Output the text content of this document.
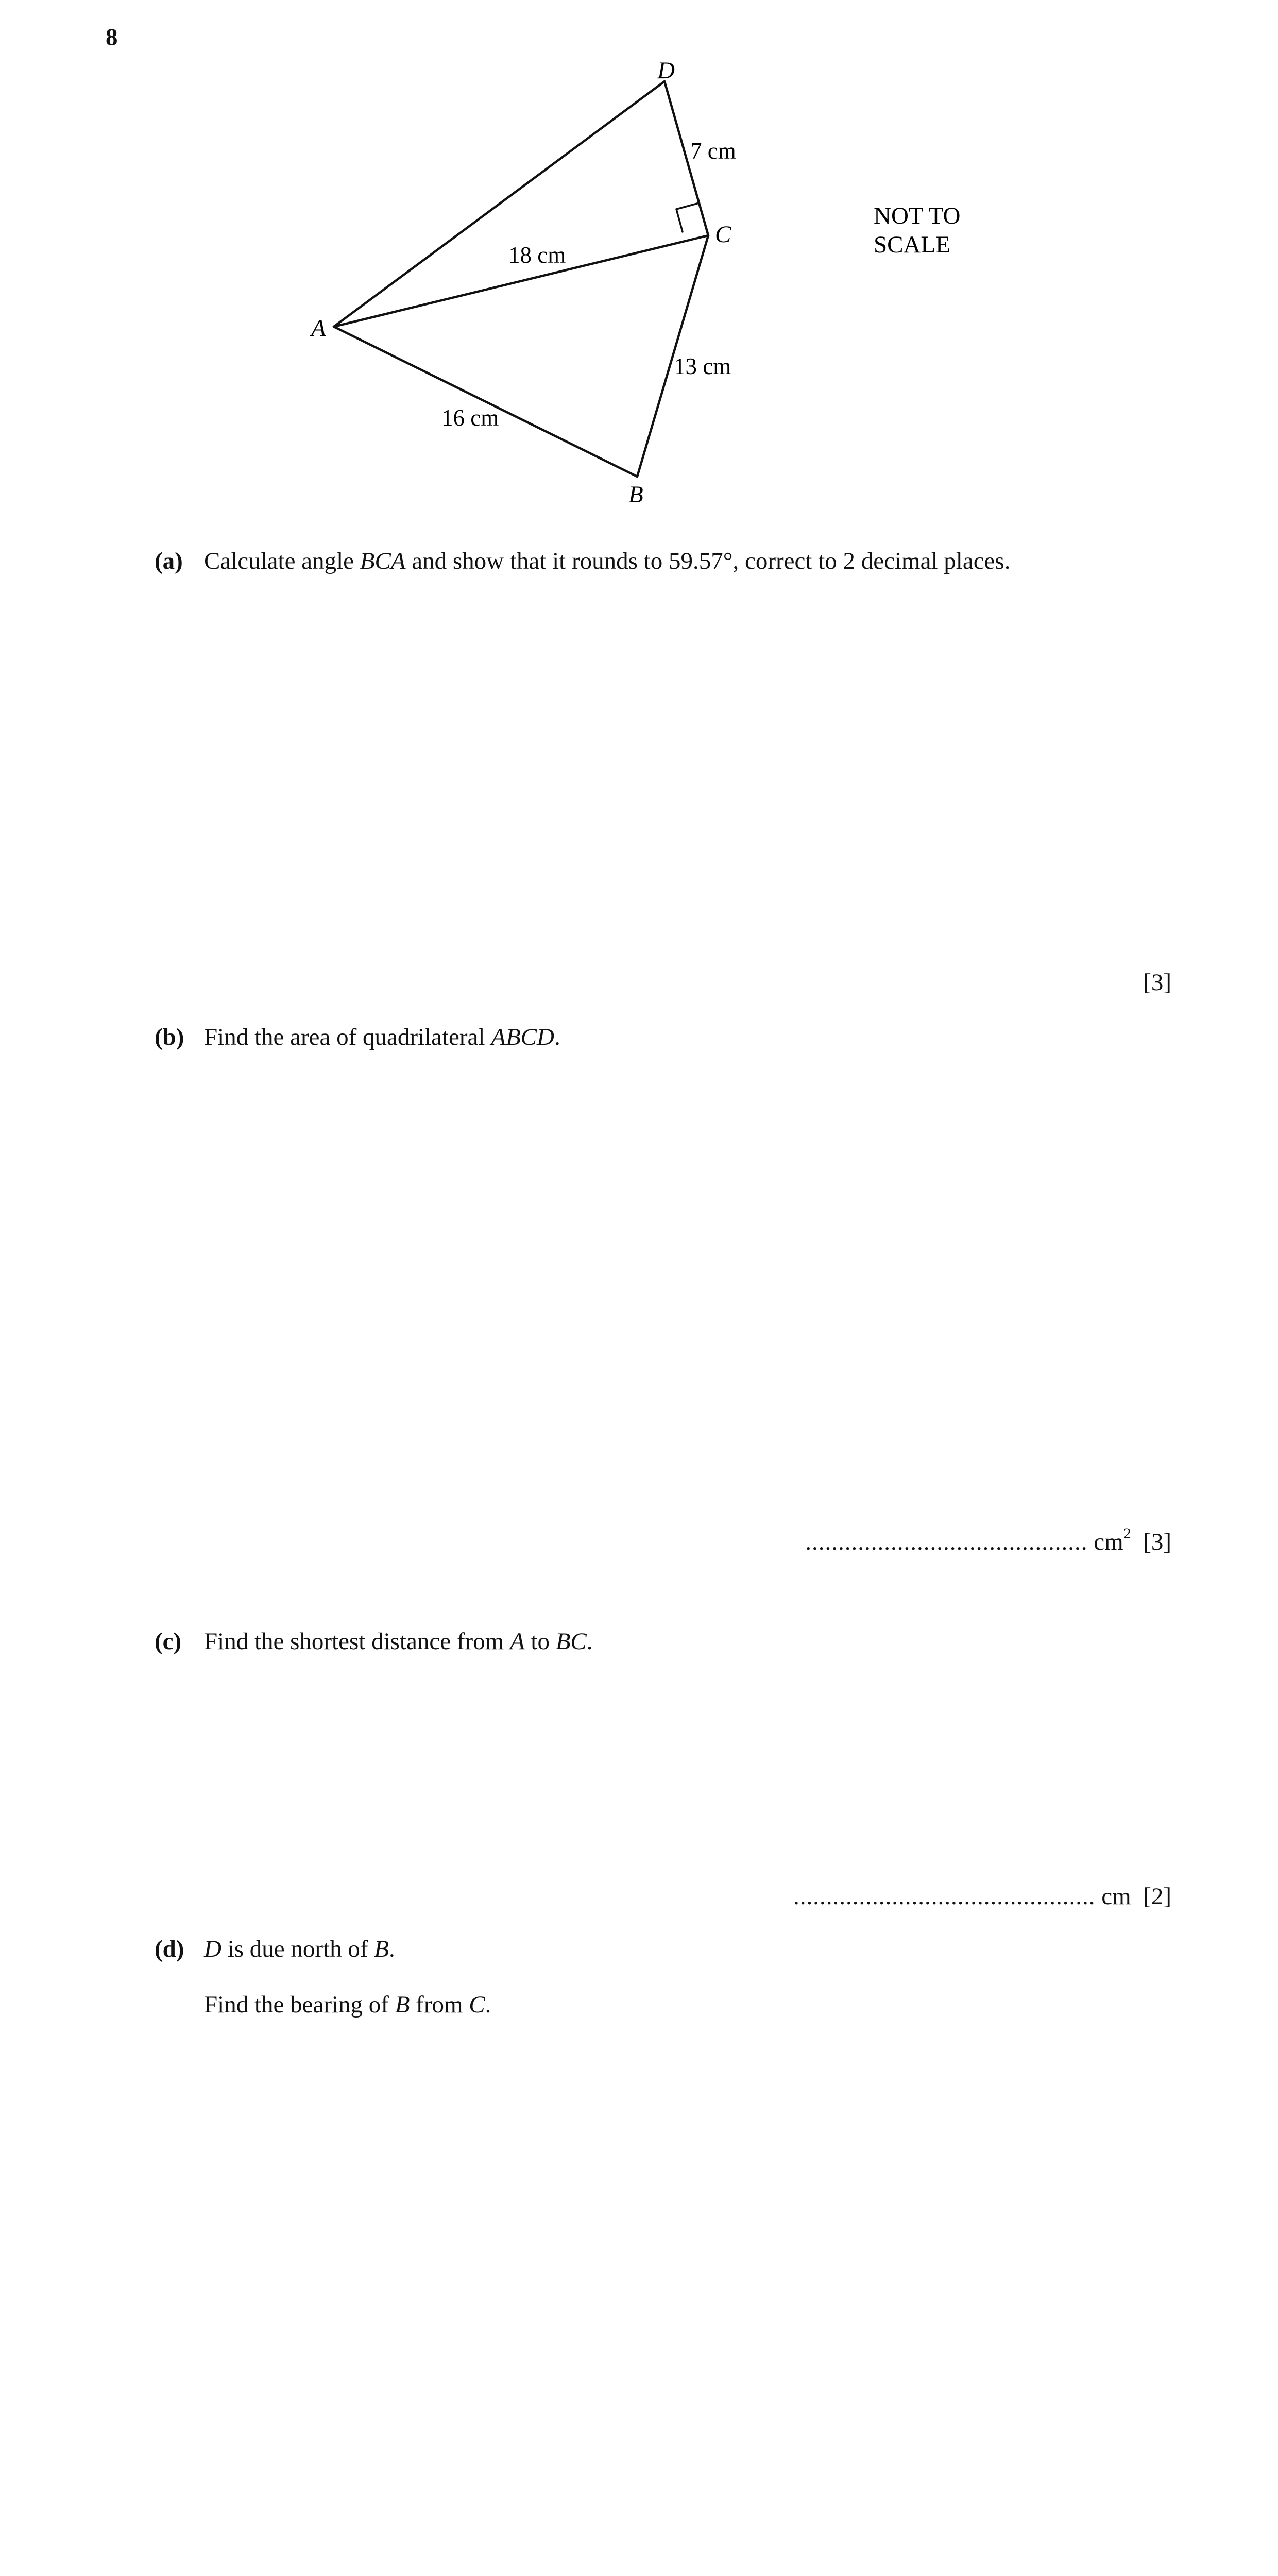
8
D
C
A
B
7 cm
18 cm
16 cm
13 cm
NOT TO
SCALE
(a) Calculate angle BCA and show that it rounds to 59.57°, correct to 2 decimal places.
[3]
(b) Find the area of quadrilateral ABCD.
........................................... $cm^2$ [3]
(c) Find the shortest distance from A to BC.
.............................................. cm [2]
(d) D is due north of B.
Find the bearing of B from C.
